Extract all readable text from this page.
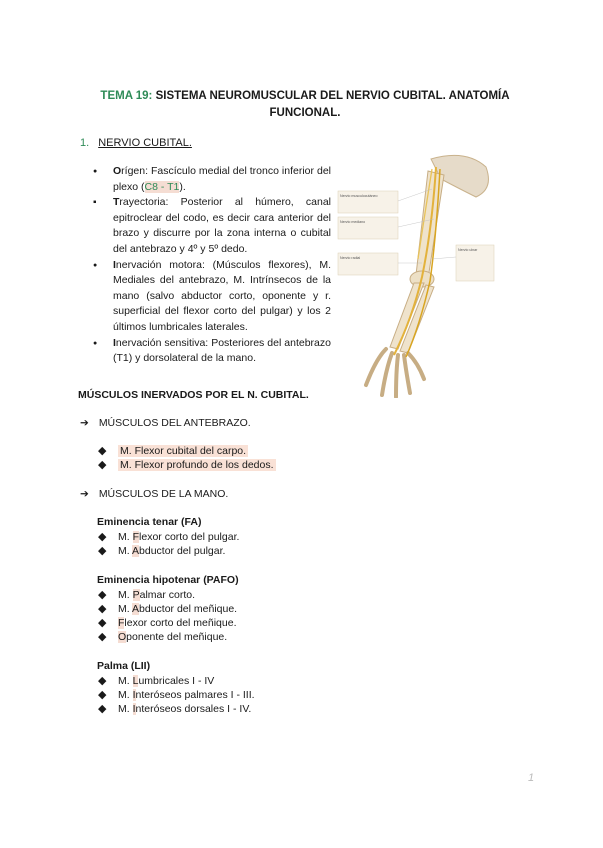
TEMA 19: SISTEMA NEUROMUSCULAR DEL NERVIO CUBITAL. ANATOMÍA
FUNCIONAL.
1. NERVIO CUBITAL.
● Orígen: Fascículo medial del tronco inferior del plexo (C8 - T1).
▪ Trayectoria: Posterior al húmero, canal epitroclear del codo, es decir cara anterior del brazo y discurre por la zona interna o cubital del antebrazo y 4º y 5º dedo.
● Inervación motora: (Músculos flexores), M. Mediales del antebrazo, M. Intrínsecos de la mano (salvo abductor corto, oponente y r. superficial del flexor corto del pulgar) y los 2 últimos lumbricales laterales.
● Inervación sensitiva: Posteriores del antebrazo (T1) y dorsolateral de la mano.
Nervio musculocutáneo
Nervio mediano
Nervio radial
Nervio ulnar
MÚSCULOS INERVADOS POR EL N. CUBITAL.
➔ MÚSCULOS DEL ANTEBRAZO.
◆ M. Flexor cubital del carpo.
◆ M. Flexor profundo de los dedos.
➔ MÚSCULOS DE LA MANO.
Eminencia tenar (FA)
◆ M. Flexor corto del pulgar.
◆ M. Abductor del pulgar.
Eminencia hipotenar (PAFO)
◆ M. Palmar corto.
◆ M. Abductor del meñique.
◆ Flexor corto del meñique.
◆ Oponente del meñique.
Palma (LII)
◆ M. Lumbricales I - IV
◆ M. Interóseos palmares I - III.
◆ M. Interóseos dorsales I - IV.
1
